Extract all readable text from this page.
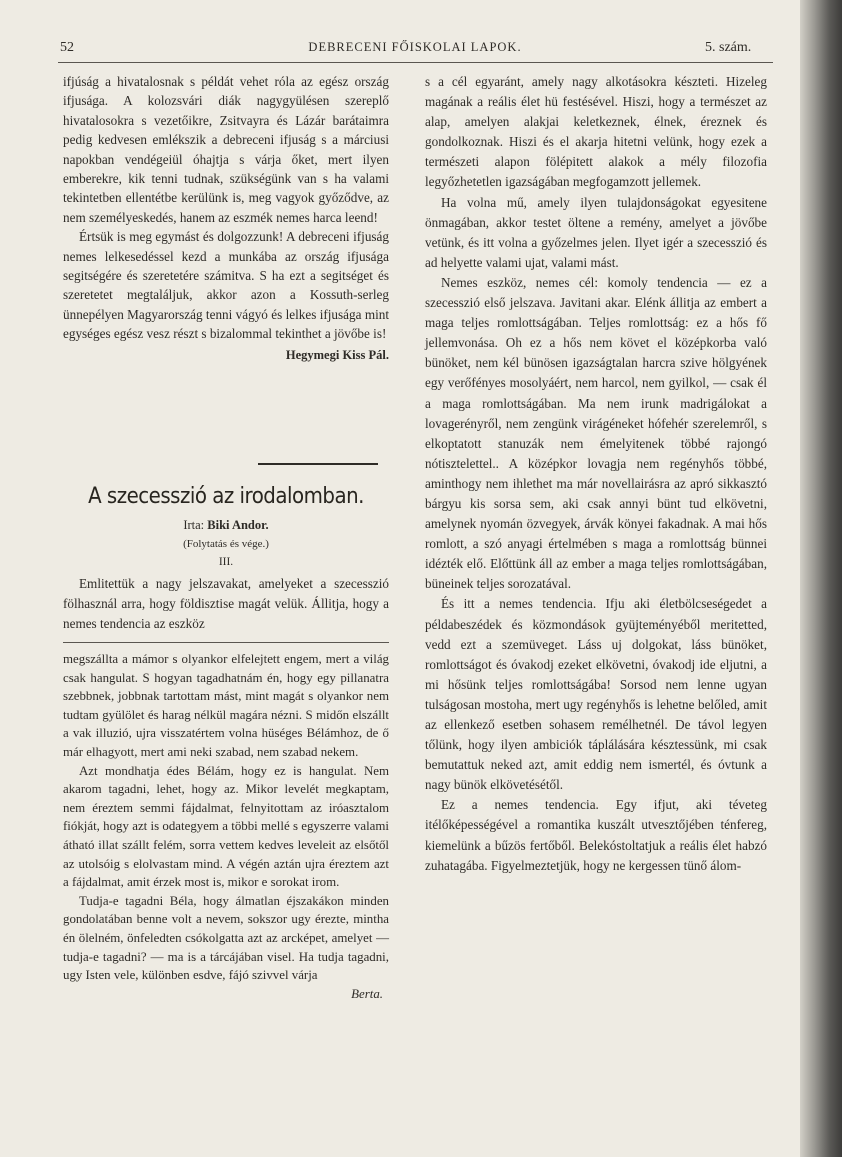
52	DEBRECENI FŐISKOLAI LAPOK.	5. szám.

ifjúság a hivatalosnak s példát vehet róla az egész ország ifjusága. A kolozsvári diák nagygyülésen szereplő hivatalosokra s vezetőikre, Zsitvayra és Lázár barátaimra pedig kedvesen emlékszik a debreceni ifjuság s a márciusi napokban vendégeiül óhajtja s várja őket, mert ilyen emberekre, kik tenni tudnak, szükségünk van s ha valami tekintetben ellentétbe kerülünk is, meg vagyok győződve, az nem személyeskedés, hanem az eszmék nemes harca leend!

Értsük is meg egymást és dolgozzunk! A debreceni ifjuság nemes lelkesedéssel kezd a munkába az ország ifjusága segitségére és szeretetére számitva. S ha ezt a segitséget és szeretetet megtaláljuk, akkor azon a Kossuth-serleg ünnepélyen Magyarország tenni vágyó és lelkes ifjusága mint egységes egész vesz részt s bizalommal tekinthet a jövőbe is!

Hegymegi Kiss Pál.
A szecesszió az irodalomban.
Irta: Biki Andor.
(Folytatás és vége.)
III.

Emlitettük a nagy jelszavakat, amelyeket a szecesszió fölhasznál arra, hogy földisztise magát velük. Állitja, hogy a nemes tendencia az eszköz

megszállta a mámor s olyankor elfelejtett engem, mert a világ csak hangulat. S hogyan tagadhatnám én, hogy egy pillanatra szebbnek, jobbnak tartottam mást, mint magát s olyankor nem tudtam gyülölet és harag nélkül magára nézni. S midőn elszállt a vak illuzió, ujra visszatértem volna hüséges Bélámhoz, de ő már elhagyott, mert ami neki szabad, nem szabad nekem.

Azt mondhatja édes Bélám, hogy ez is hangulat. Nem akarom tagadni, lehet, hogy az. Mikor levelét megkaptam, nem éreztem semmi fájdalmat, felnyitottam az iróasztalom fiókját, hogy azt is odategyem a többi mellé s egyszerre valami átható illat szállt felém, sorra vettem kedves leveleit az elsőtől az utolsóig s elolvastam mind. A végén aztán ujra éreztem azt a fájdalmat, amit érzek most is, mikor e sorokat irom.

Tudja-e tagadni Béla, hogy álmatlan éjszakákon minden gondolatában benne volt a nevem, sokszor ugy érezte, mintha én ölelném, önfeledten csókolgatta azt az arcképet, amelyet — tudja-e tagadni? — ma is a tárcájában visel. Ha tudja tagadni, ugy Isten vele, különben esdve, fájó szivvel várja

Berta.

s a cél egyaránt, amely nagy alkotásokra készteti. Hizeleg magának a reális élet hü festésével. Hiszi, hogy a természet az alap, amelyen alakjai keletkeznek, élnek, éreznek és gondolkoznak. Hiszi és el akarja hitetni velünk, hogy ezek a természeti alapon fölépitett alakok a mély filozofia legyőzhetetlen igazságában megfogamzott jellemek.

Ha volna mű, amely ilyen tulajdonságokat egyesitene önmagában, akkor testet öltene a remény, amelyet a jövőbe vetünk, és itt volna a győzelmes jelen. Ilyet igér a szecesszió és ad helyette valami ujat, valami mást.

Nemes eszköz, nemes cél: komoly tendencia — ez a szecesszió első jelszava. Javitani akar. Elénk állitja az embert a maga teljes romlottságában. Teljes romlottság: ez a hős fő jellemvonása. Oh ez a hős nem követ el középkorba való bünöket, nem kél bünösen igazságtalan harcra szive hölgyének egy verőfényes mosolyáért, nem harcol, nem gyilkol, — csak él a maga romlottságában. Ma nem irunk madrigálokat a lovagerényről, nem zengünk virágéneket hófehér szerelemről, s elkoptatott stanuzák nem émelyitenek többé rajongó nótisztelettel.. A középkor lovagja nem regényhős többé, aminthogy nem ihlethet ma már novellairásra az apró sikkasztó bárgyu kis sorsa sem, aki csak annyi bünt tud elkövetni, amelynek nyomán özvegyek, árvák könyei fakadnak. A mai hős romlott, a szó anyagi értelmében s maga a romlottság bünnei idézték elő. Előttünk áll az ember a maga teljes romlottságában, büneinek teljes sorozatával.

És itt a nemes tendencia. Ifju aki életbölcseségedet a példabeszédek és közmondások gyüjteményéből meritetted, vedd ezt a szemüveget. Láss uj dolgokat, láss bünöket, romlottságot és óvakodj ezeket elkövetni, óvakodj ide eljutni, a mi hősünk teljes romlottságába! Sorsod nem lenne ugyan tulságosan mostoha, mert ugy regényhős is lehetne belőled, amit az ellenkező esetben sohasem remélhetnél. De távol legyen tőlünk, hogy ilyen ambiciók táplálására késztessünk, mi csak bemutattuk neked azt, amit eddig nem ismertél, és óvtunk a nagy bünök elkövetésétől.

Ez a nemes tendencia. Egy ifjut, aki téveteg itélőképességével a romantika kuszált utvesztőjében ténfereg, kiemelünk a bűzös fertőből. Belekóstoltatjuk a reális élet habzó zuhatagába. Figyelmeztetjük, hogy ne kergessen tünő álom-
